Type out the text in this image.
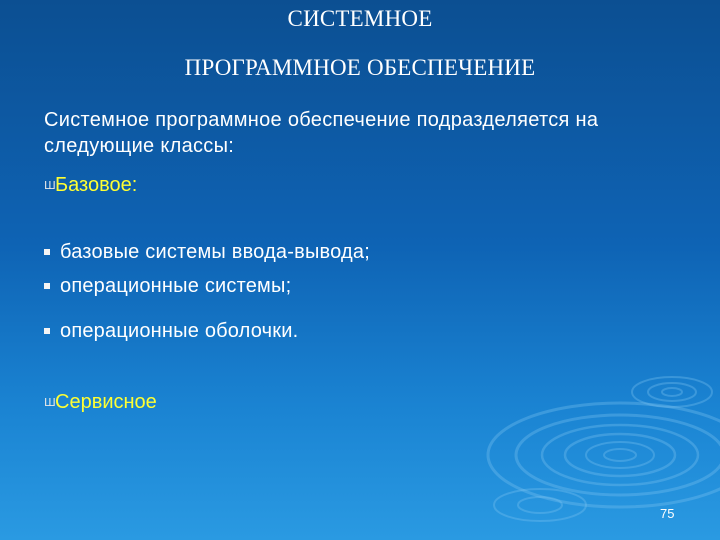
СИСТЕМНОЕ
ПРОГРАММНОЕ ОБЕСПЕЧЕНИЕ
Системное программное обеспечение подразделяется на следующие классы:
ШБазовое:
базовые системы ввода-вывода;
операционные системы;
операционные оболочки.
ШСервисное
75
